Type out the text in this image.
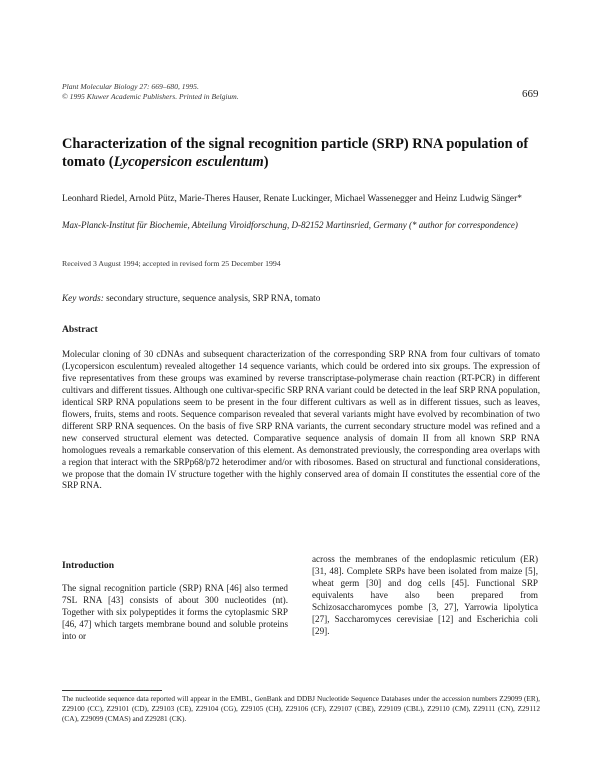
Plant Molecular Biology 27: 669–680, 1995.
© 1995 Kluwer Academic Publishers. Printed in Belgium.	669
Characterization of the signal recognition particle (SRP) RNA population of tomato (Lycopersicon esculentum)
Leonhard Riedel, Arnold Pütz, Marie-Theres Hauser, Renate Luckinger, Michael Wassenegger and Heinz Ludwig Sänger*
Max-Planck-Institut für Biochemie, Abteilung Viroidforschung, D-82152 Martinsried, Germany (* author for correspondence)
Received 3 August 1994; accepted in revised form 25 December 1994
Key words: secondary structure, sequence analysis, SRP RNA, tomato
Abstract
Molecular cloning of 30 cDNAs and subsequent characterization of the corresponding SRP RNA from four cultivars of tomato (Lycopersicon esculentum) revealed altogether 14 sequence variants, which could be ordered into six groups. The expression of five representatives from these groups was examined by reverse transcriptase-polymerase chain reaction (RT-PCR) in different cultivars and different tissues. Although one cultivar-specific SRP RNA variant could be detected in the leaf SRP RNA population, identical SRP RNA populations seem to be present in the four different cultivars as well as in different tissues, such as leaves, flowers, fruits, stems and roots. Sequence comparison revealed that several variants might have evolved by recombination of two different SRP RNA sequences. On the basis of five SRP RNA variants, the current secondary structure model was refined and a new conserved structural element was detected. Comparative sequence analysis of domain II from all known SRP RNA homologues reveals a remarkable conservation of this element. As demonstrated previously, the corresponding area overlaps with a region that interact with the SRPp68/p72 heterodimer and/or with ribosomes. Based on structural and functional considerations, we propose that the domain IV structure together with the highly conserved area of domain II constitutes the essential core of the SRP RNA.
Introduction
The signal recognition particle (SRP) RNA [46] also termed 7SL RNA [43] consists of about 300 nucleotides (nt). Together with six polypeptides it forms the cytoplasmic SRP [46, 47] which targets membrane bound and soluble proteins into or
across the membranes of the endoplasmic reticulum (ER) [31, 48]. Complete SRPs have been isolated from maize [5], wheat germ [30] and dog cells [45]. Functional SRP equivalents have also been prepared from Schizosaccharomyces pombe [3, 27], Yarrowia lipolytica [27], Saccharomyces cerevisiae [12] and Escherichia coli [29].
The nucleotide sequence data reported will appear in the EMBL, GenBank and DDBJ Nucleotide Sequence Databases under the accession numbers Z29099 (ER), Z29100 (CC), Z29101 (CD), Z29103 (CE), Z29104 (CG), Z29105 (CH), Z29106 (CF), Z29107 (CBE), Z29109 (CBL), Z29110 (CM), Z29111 (CN), Z29112 (CA), Z29099 (CMAS) and Z29281 (CK).
